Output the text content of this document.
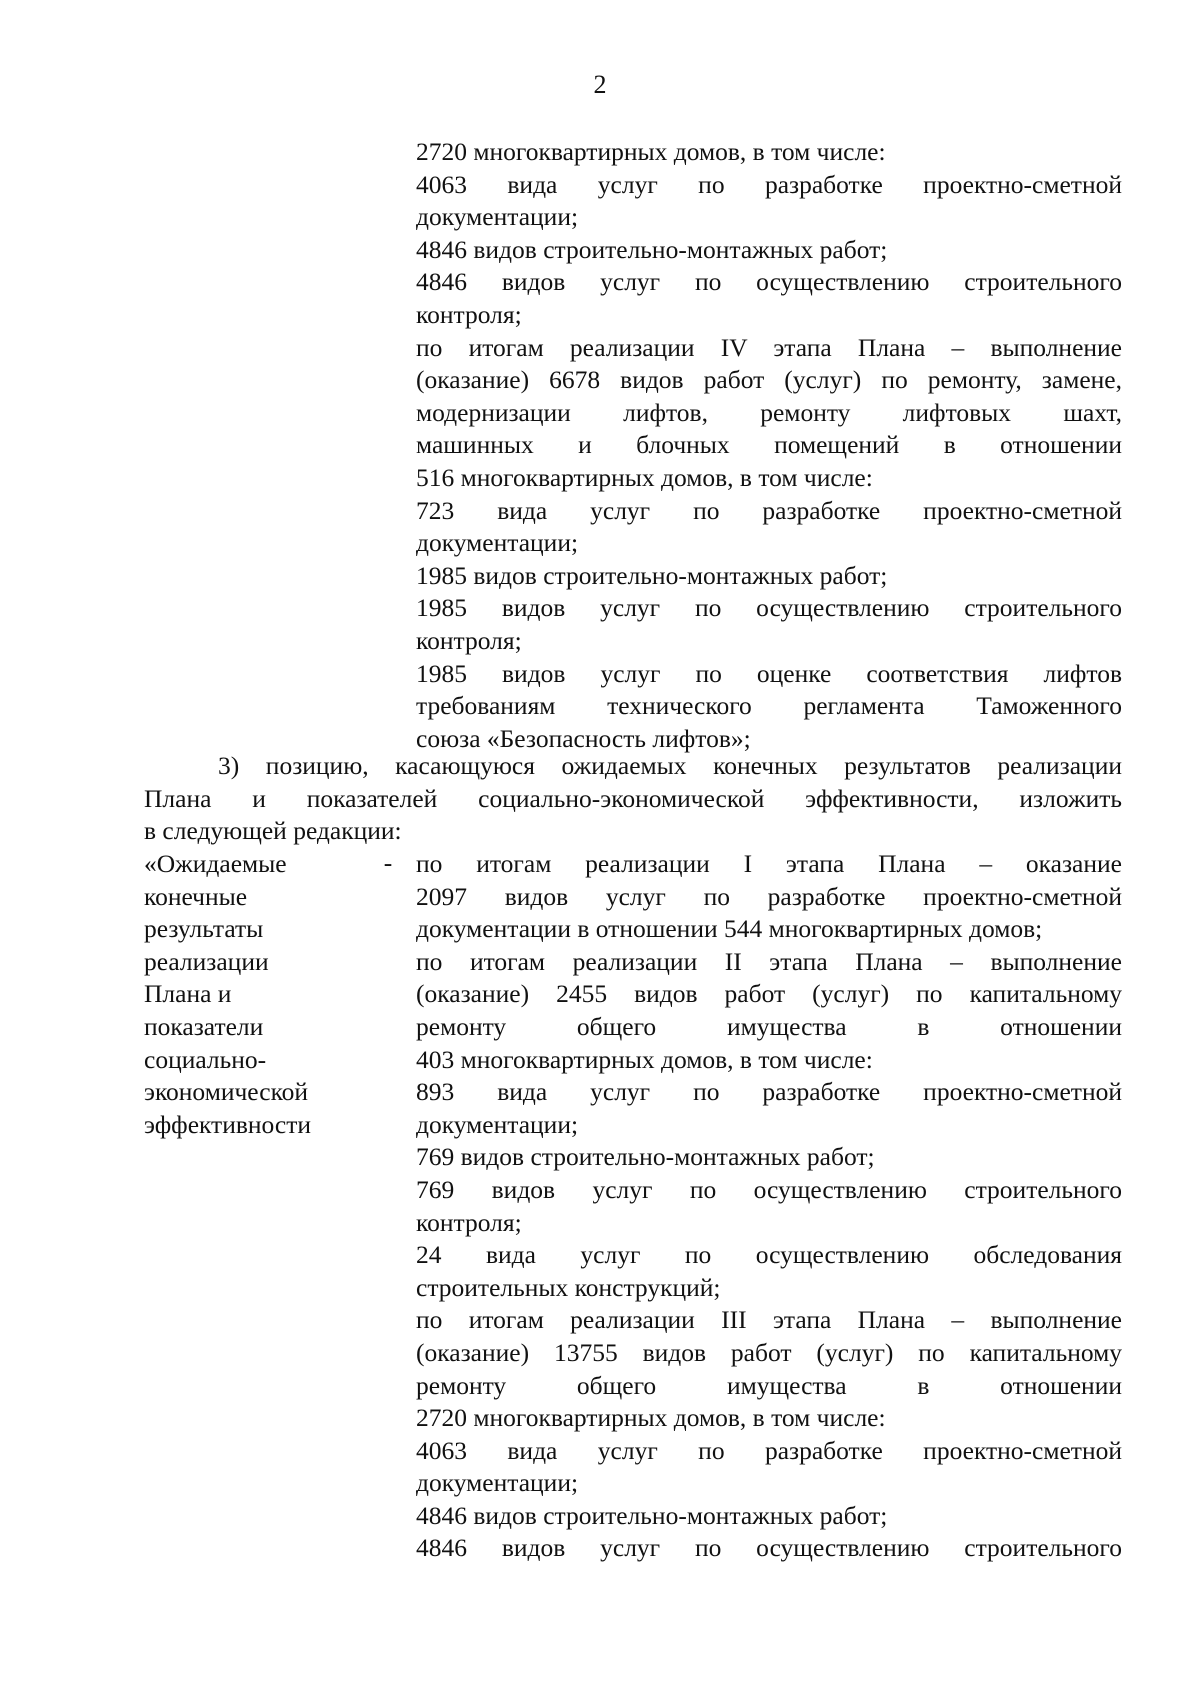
2
2720 многоквартирных домов, в том числе:
4063 вида услуг по разработке проектно-сметной
документации;
4846 видов строительно-монтажных работ;
4846 видов услуг по осуществлению строительного
контроля;
по итогам реализации IV этапа Плана – выполнение
(оказание) 6678 видов работ (услуг) по ремонту, замене,
модернизации лифтов, ремонту лифтовых шахт,
машинных и блочных помещений в отношении
516 многоквартирных домов, в том числе:
723 вида услуг по разработке проектно-сметной
документации;
1985 видов строительно-монтажных работ;
1985 видов услуг по осуществлению строительного
контроля;
1985 видов услуг по оценке соответствия лифтов
требованиям технического регламента Таможенного
союза «Безопасность лифтов»;
3) позицию, касающуюся ожидаемых конечных результатов реализации
Плана и показателей социально-экономической эффективности, изложить
в следующей редакции:
«Ожидаемые
конечные
результаты
реализации
Плана и
показатели
социально-
экономической
эффективности
- по итогам реализации I этапа Плана – оказание
2097 видов услуг по разработке проектно-сметной
документации в отношении 544 многоквартирных домов;
по итогам реализации II этапа Плана – выполнение
(оказание) 2455 видов работ (услуг) по капитальному
ремонту общего имущества в отношении
403 многоквартирных домов, в том числе:
893 вида услуг по разработке проектно-сметной
документации;
769 видов строительно-монтажных работ;
769 видов услуг по осуществлению строительного
контроля;
24 вида услуг по осуществлению обследования
строительных конструкций;
по итогам реализации III этапа Плана – выполнение
(оказание) 13755 видов работ (услуг) по капитальному
ремонту общего имущества в отношении
2720 многоквартирных домов, в том числе:
4063 вида услуг по разработке проектно-сметной
документации;
4846 видов строительно-монтажных работ;
4846 видов услуг по осуществлению строительного
